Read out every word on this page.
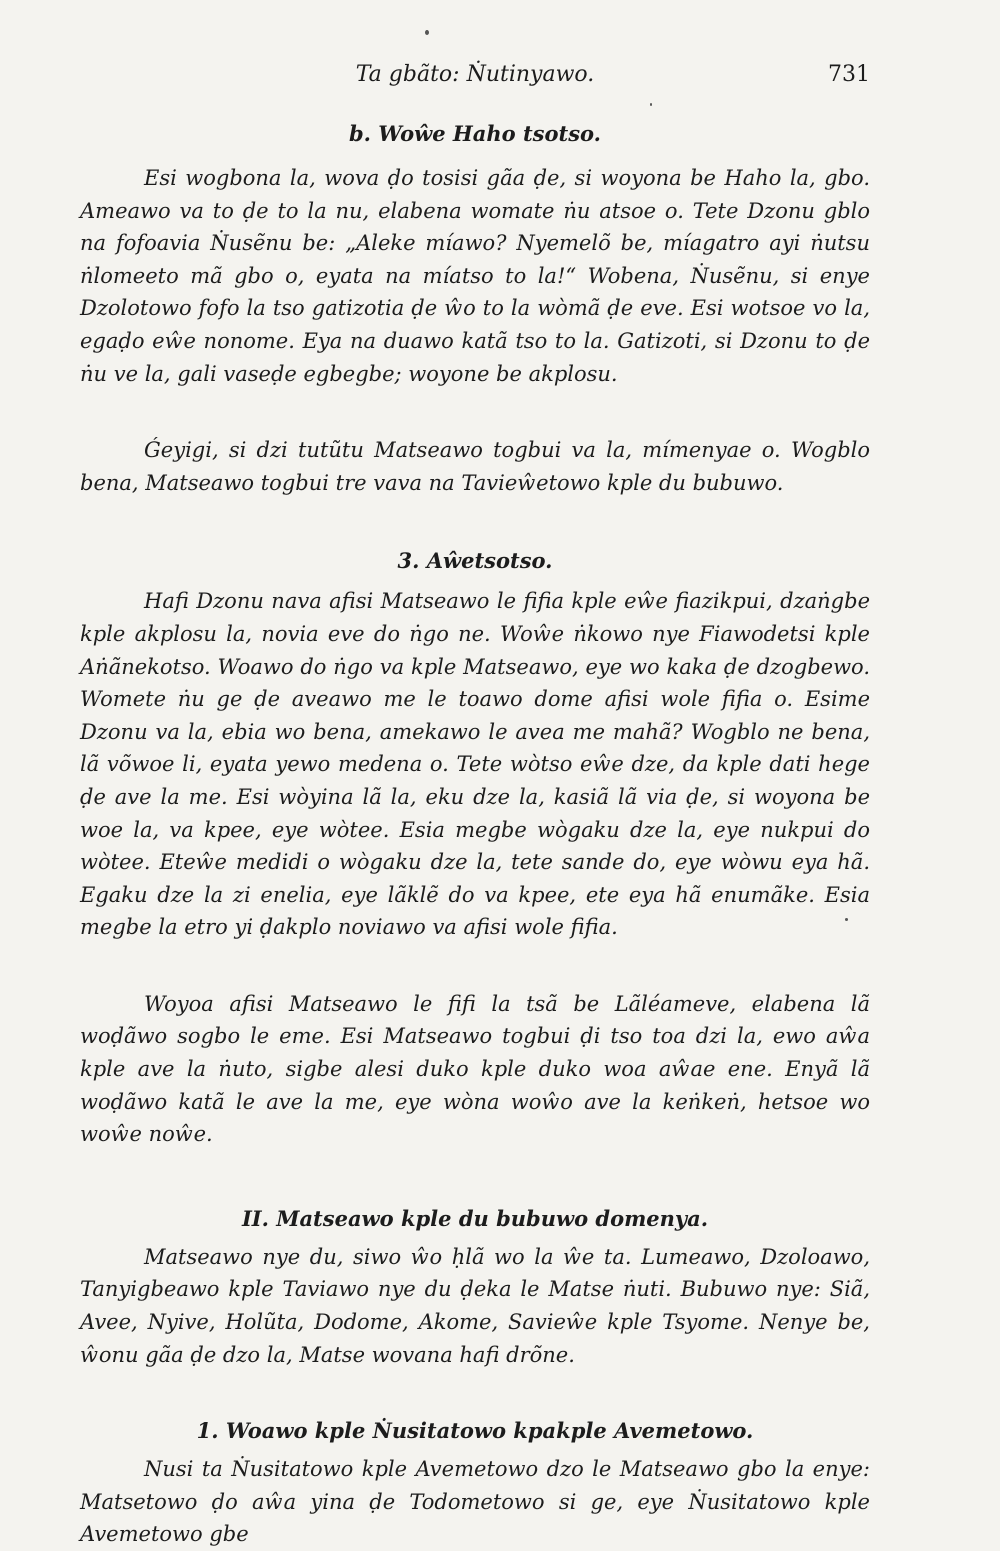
Ta gbãto: Ṅutinyawo.	731
b. Woŵe Haho tsotso.

Esi wogbona la, wova ḍo tosisi gãa ḍe, si woyona be Haho la, gbo. Ameawo va to ḍe to la nu, elabena womate ṅu atsoe o. Tete Dzonu gblo na fofoavia Ṅusẽnu be: „Aleke míawo? Nyemelõ be, míagatro ayi ṅutsu ṅlomeeto mã gbo o, eyata na míatso to la!“ Wobena, Ṅusẽnu, si enye Dzolotowo fofo la tso gatizotia ḍe ŵo to la wòmã ḍe eve. Esi wotsoe vo la, egaḍo eŵe nonome. Eya na duawo katã tso to la. Gatizoti, si Dzonu to ḍe ṅu ve la, gali vaseḍe egbegbe; woyone be akplosu.

Ǵeyigi, si dzi tutũtu Matseawo togbui va la, mímenyae o. Wogblo bena, Matseawo togbui tre vava na Tavieŵetowo kple du bubuwo.

3. Aŵetsotso.

Hafi Dzonu nava afisi Matseawo le fifia kple eŵe fiazikpui, dzaṅgbe kple akplosu la, novia eve do ṅgo ne. Woŵe ṅkowo nye Fiawodetsi kple Aṅãnekotso. Woawo do ṅgo va kple Matseawo, eye wo kaka ḍe dzogbewo. Womete ṅu ge ḍe aveawo me le toawo dome afisi wole fifia o. Esime Dzonu va la, ebia wo bena, amekawo le avea me mahã? Wogblo ne bena, lã võwoe li, eyata yewo medena o. Tete wòtso eŵe dze, da kple dati hege ḍe ave la me. Esi wòyina lã la, eku dze la, kasiã lã via ḍe, si woyona be woe la, va kpee, eye wòtee. Esia megbe wògaku dze la, eye nukpui do wòtee. Eteŵe medidi o wògaku dze la, tete sande do, eye wòwu eya hã. Egaku dze la zi enelia, eye lãklẽ do va kpee, ete eya hã enumãke. Esia megbe la etro yi ḍakplo noviawo va afisi wole fifia.

Woyoa afisi Matseawo le fifi la tsã be Lãléameve, elabena lã woḍãwo sogbo le eme. Esi Matseawo togbui ḍi tso toa dzi la, ewo aŵa kple ave la ṅuto, sigbe alesi duko kple duko woa aŵae ene. Enyã lã woḍãwo katã le ave la me, eye wòna woŵo ave la keṅkeṅ, hetsoe wo woŵe noŵe.

II. Matseawo kple du bubuwo domenya.

Matseawo nye du, siwo ŵo ḥlã wo la ŵe ta. Lumeawo, Dzoloawo, Tanyigbeawo kple Taviawo nye du ḍeka le Matse ṅuti. Bubuwo nye: Siã, Avee, Nyive, Holũta, Dodome, Akome, Savieŵe kple Tsyome. Nenye be, ŵonu gãa ḍe dzo la, Matse wovana hafi drõne.

1. Woawo kple Ṅusitatowo kpakple Avemetowo.

Nusi ta Ṅusitatowo kple Avemetowo dzo le Matseawo gbo la enye: Matsetowo ḍo aŵa yina ḍe Todometowo si ge, eye Ṅusitatowo kple Avemetowo gbe
